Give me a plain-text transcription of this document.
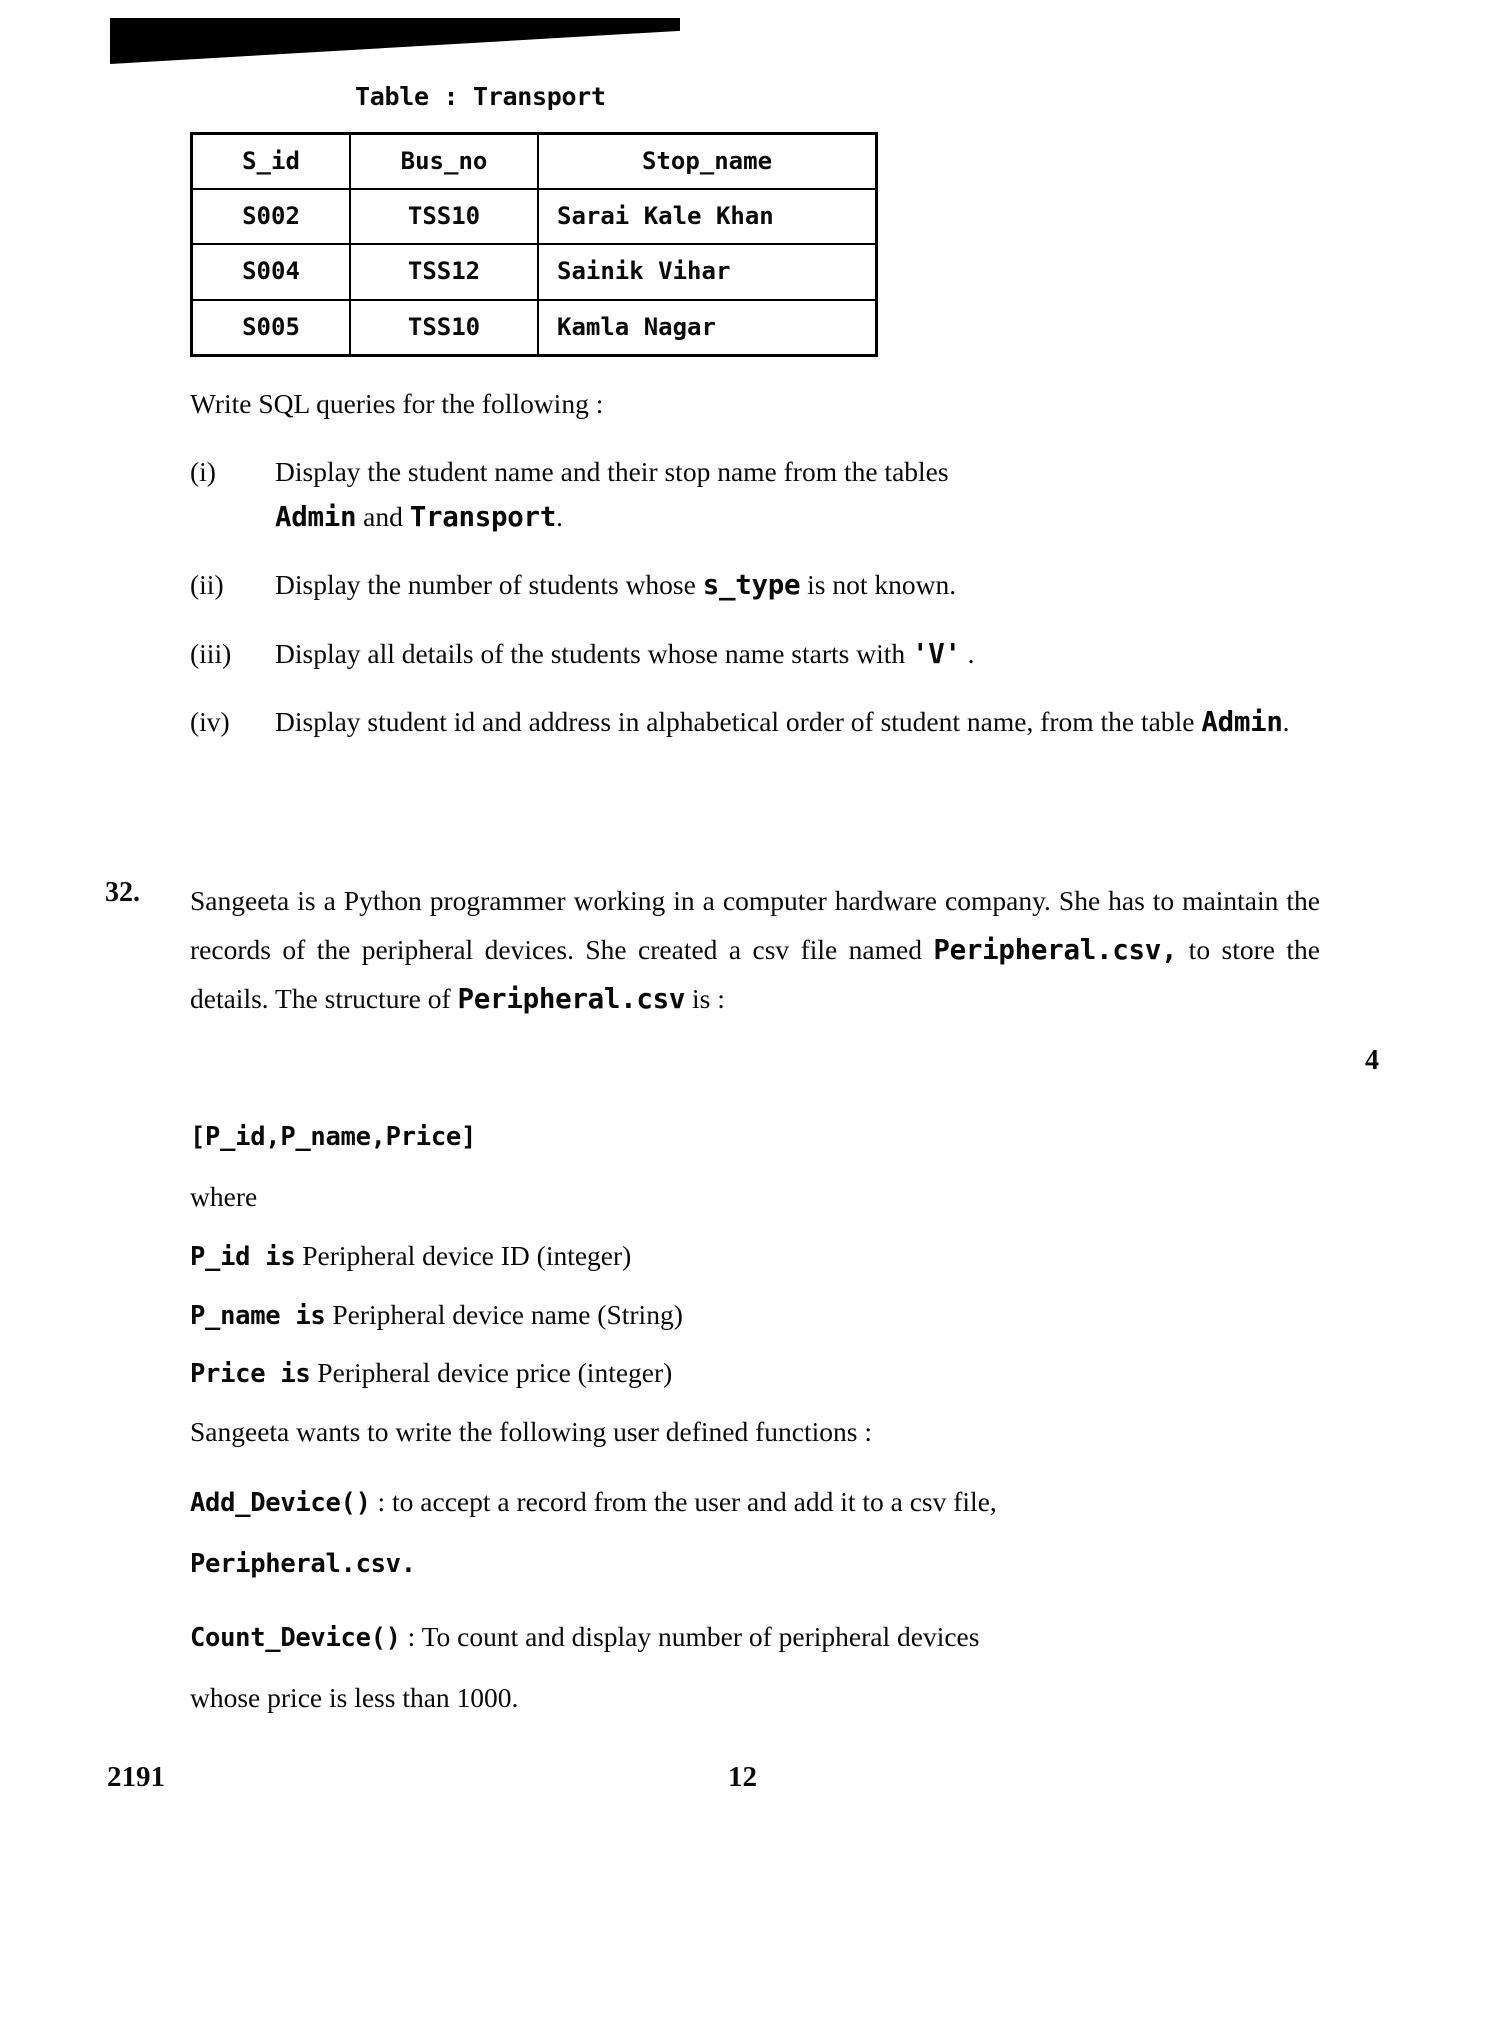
Table : Transport
S_id	Bus_no	Stop_name
S002	TSS10	Sarai Kale Khan
S004	TSS12	Sainik Vihar
S005	TSS10	Kamla Nagar
Write SQL queries for the following :
(i)	Display the student name and their stop name from the tables
Admin and Transport.
(ii)	Display the number of students whose s_type is not known.
(iii)	Display all details of the students whose name starts with 'V' .
(iv)	Display student id and address in alphabetical order of student name, from the table Admin.
32. Sangeeta is a Python programmer working in a computer hardware company. She has to maintain the records of the peripheral devices. She created a csv file named Peripheral.csv, to store the details. The structure of Peripheral.csv is :
4
[P_id,P_name,Price]
where
P_id is Peripheral device ID (integer)
P_name is Peripheral device name (String)
Price is Peripheral device price (integer)
Sangeeta wants to write the following user defined functions :
Add_Device() : to accept a record from the user and add it to a csv file,
Peripheral.csv.
Count_Device() : To count and display number of peripheral devices
whose price is less than 1000.
2191	12
